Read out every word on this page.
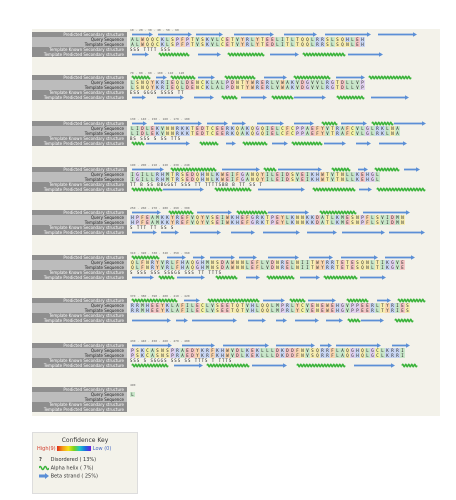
Predicted Secondary structure
Query Sequence
Template Sequence
Template Known Secondary structure
Template Predicted Secondary structure
10 . 20 . 30 . 40 . 50 . 60
A L W Q Q C K L S P F P T V S K V L C E T V Y R L Y T E E L I T L T Q Q L R R S L S Q H L E H
A L W Q Q C K L S P F P T V S K V L C E T V Y R L Y T E D L I T L T Q Q L R R S L S Q N L E H
SSS TTTT SSS
Predicted Secondary structure
Query Sequence
Template Sequence
Template Known Secondary structure
Template Predicted Secondary structure
70 . 80 . 90 . 100 . 110 . 120
L S N Q Y K R I E Q L D E N C K L A L P D N T Y W R E R L V W A K V D G V V L R G T D L L V P
L S N Q Y K R I E Q L D E N C K L A L P D N T Y W R E R L V W A K V D G V V L R G T D L L V P
ESS GGGS SSSS TT
Predicted Secondary structure
Query Sequence
Template Sequence
Template Known Secondary structure
Template Predicted Secondary structure
130 . 140 . 150 . 160 . 170 . 180
L I D L E K V N N R K K T E D T C E E R K Q A K Q G Q I E L C F C P P A E F Y V T R A F C V L G L R K L N A
L I D L E K V N N R K K T E D T C E E R K Q A K Q G Q I E L C F C P P A E F Y V T R A F C V L G L R K L N A
BS SSS S SS TTS
Predicted Secondary structure
Query Sequence
Template Sequence
Template Known Secondary structure
Template Predicted Secondary structure
190 . 200 . 210 . 220 . 230 . 240
I G I L L R H M T R S E D Q H N L K W E I F G A N Q Y I L E I D S V E I K H W T V T N L L K E H G L
I G I L L R H M T R S E D Q H N L K W E I F G A N Q Y I L E I D S V E I K H W T V T N L L K E H G L
TT B SS BBGGGT SSS TT TTTTSBB B TT SS T
Predicted Secondary structure
Query Sequence
Template Sequence
Template Known Secondary structure
Template Predicted Secondary structure
250 . 260 . 270 . 280 . 290 . 300
H P F E A M K K Y R E F V Q Y V S E I W K H E F G R K T P E Y L K N N K K D A T L K M E S N P F L S V I D M N
H P F E A M K K Y R E F V Q Y V S E I W K H E F G R K T P E Y L K N N K K D A T L K M E S N P F L S V I D M N
S TTT TT SS S
Predicted Secondary structure
Query Sequence
Template Sequence
Template Known Secondary structure
Template Predicted Secondary structure
310 . 320 . 330 . 340 . 350 . 360
Q L F N R Y V R L F H A Q G H M N S D A W N N L E F L V D N R E L N I I T W Y R R T E T E S Q N L T I K G V E
Q L F N R Y V R L F H A Q G H M N S D A W N N L E F L V D N R E L N I I T W Y R R T E T E S Q N L T I K G V E
S SSS SSS SSGGG SSS TT TTTS
Predicted Secondary structure
Query Sequence
Template Sequence
Template Known Secondary structure
Template Predicted Secondary structure
370 . 380 . 390 . 400 . 410 . 420
R R M H E E Y K L A F I L E C L V S E E T Q T V H L Q Q L M P R L Y C V E N E W E H G V P P E E R L T Y R I E S
R R M H E E Y K L A F I L E C L V S E E T Q T V H L Q Q L M P R L Y C V E N E W E H G V P P E E R L T Y R I E S
Predicted Secondary structure
Query Sequence
Template Sequence
Template Known Secondary structure
Template Predicted Secondary structure
430 . 440 . 450 . 460 . 470 . 480
P S K C A S N S P R A E D Y K R F K H W V D L K E K L L L D K D D F N V S Q R R F L A Q G H Q L G C L K R R I
P S K C A S N S P R A E D Y K R F K H W V D L K E K L L L D K D D F N V S Q R R F L A Q G H Q L G C L K R R I
SSS S SGGGS SSS SS TTTS T TTTS
Predicted Secondary structure
Query Sequence
Template Sequence
Template Known Secondary structure
Template Predicted Secondary structure
490
L
Confidence Key
High(9)	Low (0)
? Disordered ( 13%)
Alpha helix ( 7%)
Beta strand ( 25%)
